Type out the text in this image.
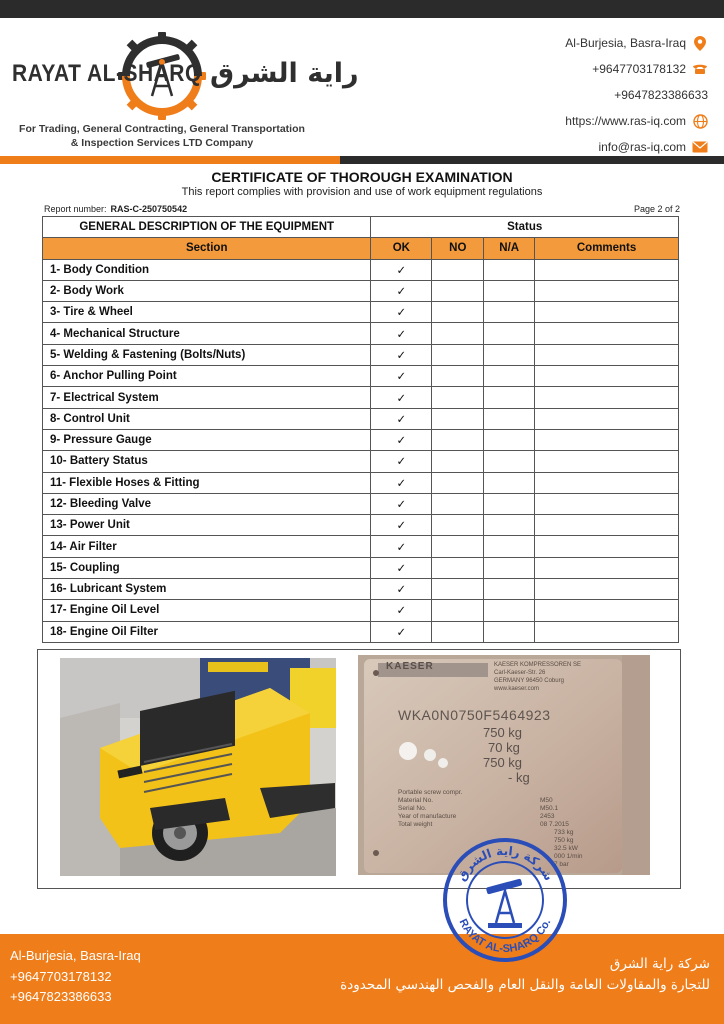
RAYAT AL-SHARQ راية الشرق
For Trading, General Contracting, General Transportation
& Inspection Services LTD Company
Al-Burjesia, Basra-Iraq
+9647703178132
+9647823386633
https://www.ras-iq.com
info@ras-iq.com
CERTIFICATE OF THOROUGH EXAMINATION
This report complies with provision and use of work equipment regulations
Report number: RAS-C-250750542	Page 2 of 2
GENERAL DESCRIPTION OF THE EQUIPMENT	Status			
Section	OK	NO	N/A	Comments
1- Body Condition	✓			
2- Body Work	✓			
3- Tire & Wheel	✓			
4- Mechanical Structure	✓			
5- Welding & Fastening (Bolts/Nuts)	✓			
6- Anchor Pulling Point	✓			
7- Electrical System	✓			
8- Control Unit	✓			
9- Pressure Gauge	✓			
10- Battery Status	✓			
11- Flexible Hoses & Fitting	✓			
12- Bleeding Valve	✓			
13- Power Unit	✓			
14- Air Filter	✓			
15- Coupling	✓			
16- Lubricant System	✓			
17- Engine Oil Level	✓			
18- Engine Oil Filter	✓			
KAESER	KAESER KOMPRESSOREN SE
Carl-Kaeser-Str. 26
GERMANY 96450 Coburg
www.kaeser.com
WKA0N0750F5464923
750 kg
70 kg
750 kg
- kg
Portable screw compr.
Material No.
Serial No.
Year of manufacture
Total weight
M50
M50.1
2453
08 7.2015
733 kg
750 kg
32.5 kW
000 1/min
7 bar
Al-Burjesia, Basra-Iraq
+9647703178132
+9647823386633
شركة راية الشرق
للتجارة والمقاولات العامة والنقل العام والفحص الهندسي المحدودة
شركة راية الشرق
RAYAT AL-SHARQ Co.
